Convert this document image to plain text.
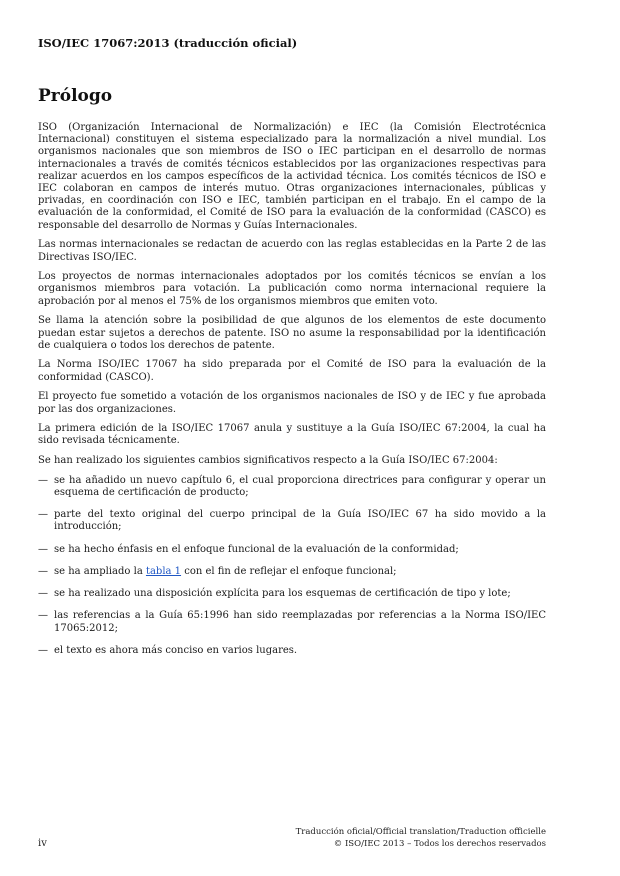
ISO/IEC 17067:2013 (traducción oficial)
Prólogo

ISO (Organización Internacional de Normalización) e IEC (la Comisión Electrotécnica Internacional) constituyen el sistema especializado para la normalización a nivel mundial. Los organismos nacionales que son miembros de ISO o IEC participan en el desarrollo de normas internacionales a través de comités técnicos establecidos por las organizaciones respectivas para realizar acuerdos en los campos específicos de la actividad técnica. Los comités técnicos de ISO e IEC colaboran en campos de interés mutuo. Otras organizaciones internacionales, públicas y privadas, en coordinación con ISO e IEC, también participan en el trabajo. En el campo de la evaluación de la conformidad, el Comité de ISO para la evaluación de la conformidad (CASCO) es responsable del desarrollo de Normas y Guías Internacionales.

Las normas internacionales se redactan de acuerdo con las reglas establecidas en la Parte 2 de las Directivas ISO/IEC.

Los proyectos de normas internacionales adoptados por los comités técnicos se envían a los organismos miembros para votación. La publicación como norma internacional requiere la aprobación por al menos el 75% de los organismos miembros que emiten voto.

Se llama la atención sobre la posibilidad de que algunos de los elementos de este documento puedan estar sujetos a derechos de patente. ISO no asume la responsabilidad por la identificación de cualquiera o todos los derechos de patente.

La Norma ISO/IEC 17067 ha sido preparada por el Comité de ISO para la evaluación de la conformidad (CASCO).

El proyecto fue sometido a votación de los organismos nacionales de ISO y de IEC y fue aprobada por las dos organizaciones.

La primera edición de la ISO/IEC 17067 anula y sustituye a la Guía ISO/IEC 67:2004, la cual ha sido revisada técnicamente.

Se han realizado los siguientes cambios significativos respecto a la Guía ISO/IEC 67:2004:

— se ha añadido un nuevo capítulo 6, el cual proporciona directrices para configurar y operar un esquema de certificación de producto;
— parte del texto original del cuerpo principal de la Guía ISO/IEC 67 ha sido movido a la introducción;
— se ha hecho énfasis en el enfoque funcional de la evaluación de la conformidad;
— se ha ampliado la tabla 1 con el fin de reflejar el enfoque funcional;
— se ha realizado una disposición explícita para los esquemas de certificación de tipo y lote;
— las referencias a la Guía 65:1996 han sido reemplazadas por referencias a la Norma ISO/IEC 17065:2012;
— el texto es ahora más conciso en varios lugares.
Traducción oficial/Official translation/Traduction officielle
© ISO/IEC 2013 – Todos los derechos reservados
iv
